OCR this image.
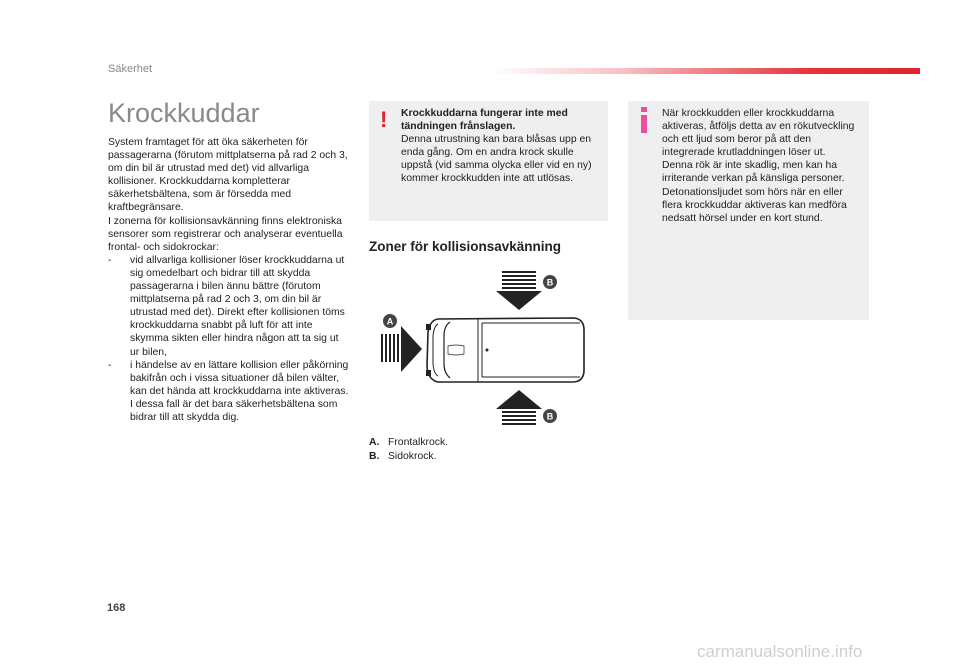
Säkerhet
Krockkuddar

System framtaget för att öka säkerheten för passagerarna (förutom mittplatserna på rad 2 och 3, om din bil är utrustad med det) vid allvarliga kollisioner. Krockkuddarna kompletterar säkerhetsbältena, som är försedda med kraftbegränsare.

I zonerna för kollisionsavkänning finns elektroniska sensorer som registrerar och analyserar eventuella frontal- och sidokrockar:

- vid allvarliga kollisioner löser krockkuddarna ut sig omedelbart och bidrar till att skydda passagerarna i bilen ännu bättre (förutom mittplatserna på rad 2 och 3, om din bil är utrustad med det). Direkt efter kollisionen töms krockkuddarna snabbt på luft för att inte skymma sikten eller hindra någon att ta sig ut ur bilen,
- i händelse av en lättare kollision eller påkörning bakifrån och i vissa situationer då bilen välter, kan det hända att krockkuddarna inte aktiveras. I dessa fall är det bara säkerhetsbältena som bidrar till att skydda dig.
! Krockkuddarna fungerar inte med tändningen frånslagen.
Denna utrustning kan bara blåsas upp en enda gång. Om en andra krock skulle uppstå (vid samma olycka eller vid en ny) kommer krockkudden inte att utlösas.

När krockkudden eller krockkuddarna aktiveras, åtföljs detta av en rökutveckling och ett ljud som beror på att den integrerade krutladdningen löser ut.

Denna rök är inte skadlig, men kan ha irriterande verkan på känsliga personer.

Detonationsljudet som hörs när en eller flera krockkuddar aktiveras kan medföra nedsatt hörsel under en kort stund.

Zoner för kollisionsavkänning
B
A
B
A. Frontalkrock.
B. Sidokrock.
168
carmanualsonline.info
